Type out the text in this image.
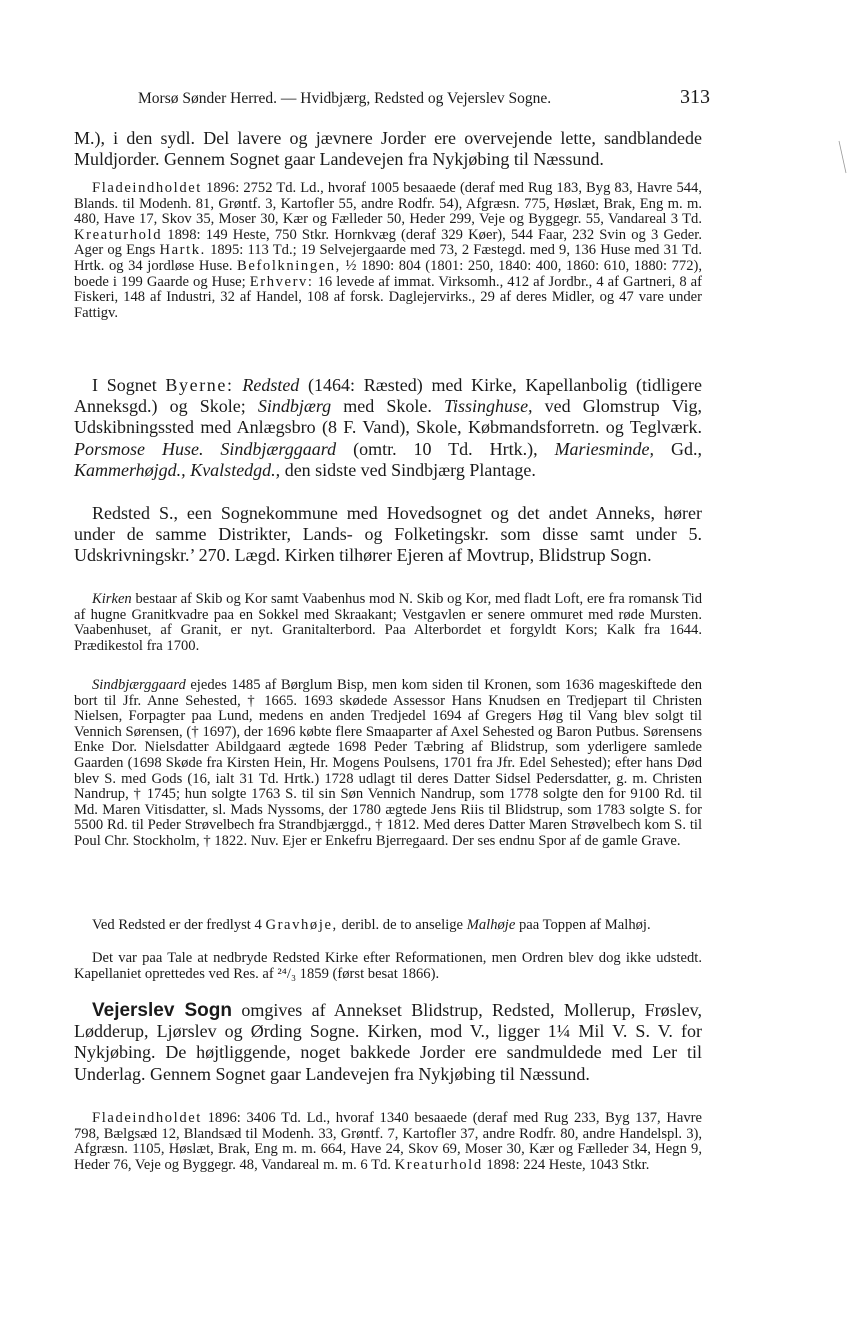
Morsø Sønder Herred. — Hvidbjærg, Redsted og Vejerslev Sogne.	313

M.), i den sydl. Del lavere og jævnere Jorder ere overvejende lette, sandblandede Muldjorder. Gennem Sognet gaar Landevejen fra Nykjøbing til Næssund.

Fladeindholdet 1896: 2752 Td. Ld., hvoraf 1005 besaaede (deraf med Rug 183, Byg 83, Havre 544, Blands. til Modenh. 81, Grøntf. 3, Kartofler 55, andre Rodfr. 54), Afgræsn. 775, Høslæt, Brak, Eng m. m. 480, Have 17, Skov 35, Moser 30, Kær og Fælleder 50, Heder 299, Veje og Byggegr. 55, Vandareal 3 Td. Kreaturhold 1898: 149 Heste, 750 Stkr. Hornkvæg (deraf 329 Køer), 544 Faar, 232 Svin og 3 Geder. Ager og Engs Hartk. 1895: 113 Td.; 19 Selvejergaarde med 73, 2 Fæstegd. med 9, 136 Huse med 31 Td. Hrtk. og 34 jordløse Huse. Befolkningen, ½ 1890: 804 (1801: 250, 1840: 400, 1860: 610, 1880: 772), boede i 199 Gaarde og Huse; Erhverv: 16 levede af immat. Virksomh., 412 af Jordbr., 4 af Gartneri, 8 af Fiskeri, 148 af Industri, 32 af Handel, 108 af forsk. Daglejervirks., 29 af deres Midler, og 47 vare under Fattigv.

I Sognet Byerne: Redsted (1464: Ræsted) med Kirke, Kapellanbolig (tidligere Anneksgd.) og Skole; Sindbjærg med Skole. Tissinghuse, ved Glomstrup Vig, Udskibningssted med Anlægsbro (8 F. Vand), Skole, Købmandsforretn. og Teglværk. Porsmose Huse. Sindbjærggaard (omtr. 10 Td. Hrtk.), Mariesminde, Gd., Kammerhøjgd., Kvalstedgd., den sidste ved Sindbjærg Plantage.

Redsted S., een Sognekommune med Hovedsognet og det andet Anneks, hører under de samme Distrikter, Lands- og Folketingskr. som disse samt under 5. Udskrivningskr.’ 270. Lægd. Kirken tilhører Ejeren af Movtrup, Blidstrup Sogn.

Kirken bestaar af Skib og Kor samt Vaabenhus mod N. Skib og Kor, med fladt Loft, ere fra romansk Tid af hugne Granitkvadre paa en Sokkel med Skraakant; Vestgavlen er senere ommuret med røde Mursten. Vaabenhuset, af Granit, er nyt. Granitalterbord. Paa Alterbordet et forgyldt Kors; Kalk fra 1644. Prædikestol fra 1700.

Sindbjærggaard ejedes 1485 af Børglum Bisp, men kom siden til Kronen, som 1636 mageskiftede den bort til Jfr. Anne Sehested, † 1665. 1693 skødede Assessor Hans Knudsen en Tredjepart til Christen Nielsen, Forpagter paa Lund, medens en anden Tredjedel 1694 af Gregers Høg til Vang blev solgt til Vennich Sørensen, († 1697), der 1696 købte flere Smaaparter af Axel Sehested og Baron Putbus. Sørensens Enke Dor. Nielsdatter Abildgaard ægtede 1698 Peder Tæbring af Blidstrup, som yderligere samlede Gaarden (1698 Skøde fra Kirsten Hein, Hr. Mogens Poulsens, 1701 fra Jfr. Edel Sehested); efter hans Død blev S. med Gods (16, ialt 31 Td. Hrtk.) 1728 udlagt til deres Datter Sidsel Pedersdatter, g. m. Christen Nandrup, † 1745; hun solgte 1763 S. til sin Søn Vennich Nandrup, som 1778 solgte den for 9100 Rd. til Md. Maren Vitisdatter, sl. Mads Nyssoms, der 1780 ægtede Jens Riis til Blidstrup, som 1783 solgte S. for 5500 Rd. til Peder Strøvelbech fra Strandbjærggd., † 1812. Med deres Datter Maren Strøvelbech kom S. til Poul Chr. Stockholm, † 1822. Nuv. Ejer er Enkefru Bjerregaard. Der ses endnu Spor af de gamle Grave.

Ved Redsted er der fredlyst 4 Gravhøje, deribl. de to anselige Malhøje paa Toppen af Malhøj.

Det var paa Tale at nedbryde Redsted Kirke efter Reformationen, men Ordren blev dog ikke udstedt. Kapellaniet oprettedes ved Res. af ²⁴/₃ 1859 (først besat 1866).

Vejerslev Sogn omgives af Annekset Blidstrup, Redsted, Mollerup, Frøslev, Lødderup, Ljørslev og Ørding Sogne. Kirken, mod V., ligger 1¼ Mil V. S. V. for Nykjøbing. De højtliggende, noget bakkede Jorder ere sandmuldede med Ler til Underlag. Gennem Sognet gaar Landevejen fra Nykjøbing til Næssund.

Fladeindholdet 1896: 3406 Td. Ld., hvoraf 1340 besaaede (deraf med Rug 233, Byg 137, Havre 798, Bælgsæd 12, Blandsæd til Modenh. 33, Grøntf. 7, Kartofler 37, andre Rodfr. 80, andre Handelspl. 3), Afgræsn. 1105, Høslæt, Brak, Eng m. m. 664, Have 24, Skov 69, Moser 30, Kær og Fælleder 34, Hegn 9, Heder 76, Veje og Byggegr. 48, Vandareal m. m. 6 Td. Kreaturhold 1898: 224 Heste, 1043 Stkr.
